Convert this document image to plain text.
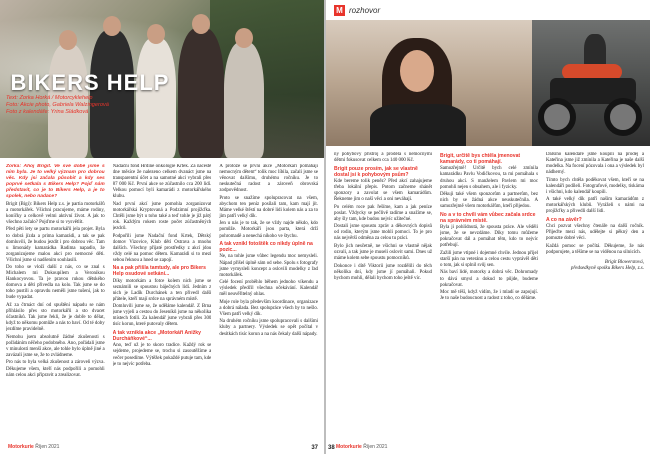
BIKERS HELP
Text: Zorka Horká / Motorcyklehelp
Foto: Akcie photo, Gabriela Walzingerová
Foto z kalendáře: Yrina Sládková

Zorka: Ahoj Brigit. Ve své době jsme s ním byla. Je to velký význam pro dobrou věc. Kdy jsi začala působit a kdy ses poprvé setkala s Bikers Help? Pojď nám představit, co je to Bikers Help, a je to spolek, nebo nadace?

Brigit (Bigi): Bikers Help z.s. je partia motorkářů a motorkářek. Všichni pracujeme, máme rodiny, koníčky a celkově velmi aktivní život. A jak to všechno začalo? Pojďme si to vysvětlit.

Před pěti lety se partu motorkářů jela projet. Byla to dobrá jízda a prima kamarádi, a tak se pak domluvili, že budou jezdit i pro dobrou věc. Tam u limonády kamarádka Radima napadlo, že zorganizujeme malou akci pro nemocné děti. Všichni jsme si nadšením souhlasili.

Do toho se vloží další z nás, co se znal s Michalem mi Dokoupilem a Veronikou Hankocyovou. Ta je pravou rukou dětského domova a děti přivedla na kolo. Tak jsme se do toho pustili a opravdu neměli jsme tušení, jak to bude vypadat.

Až za čtrnáct dní od spuštění nápadu se nám přihlásilo přes sto motorkářů a sto dvacet účastníků. Tak jsme řekli, že je dobře to dělat, když to někomu pomůže a nás to baví. Od té doby jezdíme pravidelně.

Nemohu jsem absolutně žádné zkušenosti s pořádáním něčeho podobného. Ano, pořádali jsme v minulosti menší akce, ale tohle bylo úplně jiné a zavázali jsme se, že to zvládneme.

Pro nás to byla velká zkušenost a zároveň výzva. Děkujeme všem, kteří nás podpořili a pomohli nám celou akci připravit a zrealizovat.

Nadační fond Hrdiné onkologie Krtek. Za nacestě dne měsíce že nalezeno celkem dvanáct jsme na transparentní účet a na samotné akci vybrali přes 87 000 Kč. První akce se zúčastnilo cca 200 lidí. Velkou pomocí byli kamarádi z motorkářského klubu.

Nad první akcí jsme pomohla zorganizovat motorkářská Kryptovaná a Podzimní projížďka. Chtěli jsme být u toho také a teď tohle je již pátý rok. Každým rokem roste počet zúčastněných jezdců.

Podpořili jsme Nadační fond Krtek, Dětský domov Vizovice, Klub dětí Ostrava a mnoho dalších. Všechny přijaté prostředky z akcí jdou vždy celé na pomoc dětem. Kamarádi si to mezi sebou řeknou a hned se zapojí.

Na a pak přišla tamtudy, ale pro Bikers Help osudové setkání...

Díky motorkám a fotce kolem nich jsme se seznámili se spoustou báječných lidí. Jedním z nich je Ladík Durchánek a ten přivedl další přátele, kteří mají srdce na správném místě.

Domluvili jsme se, že uděláme kalendář. Z Brna jsme vyjeli a cestou do Jeseníků jsme na několika místech fotili. Za kalendář jsme vybrali přes 300 tisíc korun, které putovaly dětem.

A tak vznikla akce „Motorkáři Anižky Durcháňkové“...

Ano, teď už je to skoro tradice. Každý rok se sejdeme, projedeme se, trochu si zasoutěžíme a večer posedíme. Výtěžek pokaždé putuje tam, kde je to nejvíc potřeba.

A protože se první akce „Motorkáři pomáhají nemocným dětem“ tolik moc líbila, začali jsme se věnovat dalšímu, druhému ročníku. Je to neskutečná radost a zároveň obrovská zodpovědnost.

Proto se snažíme spolupracovat na všem, abychom ten peníz posílali tam, kam mají jít. Máme velké štěstí na dobré lidi kolem nás a za to jim patří velký dík.

Jen u nás je to tak, že se vždy najde někdo, kdo pomůže. Motorkáři jsou parta, která drží pohromadě a nenechá nikoho ve štychu.

A tak vznikl fotoštěk co nikdy úplně na pozic...

Ne, na tohle jsme vůbec legendu moc nemysleli. Nápad přišel úplně sám od sebe. Spolu s fotografy jsme vymysleli koncept a oslovili modelky z řad motorkářek.

Celé focení proběhlo během jednoho víkendu a výsledek předčil všechna očekávání. Kalendář měl neuvěřitelný ohlas.

Moje role byla především koordinace, organizace a dobrá nálada. Bez spolupráce všech by to nešlo. Všem patří velký dík.

Na druhém ročníku jsme spolupracovali s dalšími kluby a partnery. Výsledek se opět počítal v desítkách tisíc korun a na nás čekaly další nápady.

Motorkurie Říjen 2021	37
M rozhovor

ny pohybový přístroj a prodělá s nemocnými dětmi fokusovat celkem cca 140 000 Kč.

Brigit pouze prosím, jak se vlastně dostal jsi k pohybovým psům?

Kde bereme tolik peněz? Před akcí zahajujeme třeba lokální přepis. Potom začneme shánět sponzory a zavolat se všem kamarádům. Řekneme jim o naší věci a oni neváhají.

Po celém roce pak řešíme, kam a jak peníze poslat. Vždycky se pečlivě radíme a snažíme se, aby šly tam, kde budou nejvíc užitečné.

Dostali jsme spoustu zpráv a děkovných dopisů od rodin, kterým jsme mohli pomoci. To je pro nás největší odměna za celou tu práci.

Bylo jich nesčetně, ne všichni se vlastně nějak ozvali, a tak jsme je museli oslovit sami. Dnes už máme kolem sebe spoustu pomocníků.

Dokonce i dítě Viktorii jsme rozdělili do těch několika dní, kdy jsme jí pomáhali. Pokud bychom mohli, dělali bychom toho ještě víc.

Brigit, určitě bys chtěla jmenovat kamarády, co ti pomáhají.

Samozřejmě! Určitě bych celé zmínila kamarádku Pavlu Vodičkovou, ta mi pomáhala s druhou akcí. S manželem Pavlem mi moc pomohli nejen s obsahem, ale i fyzicky.

Děkuji také všem sponzorům a partnerům, bez nich by se žádná akce neuskutečnila. A samozřejmě všem motorkářům, kteří přijedou.

No a v to chvíli vám vůbec začala srdce na správném místě.

Byla ji pohlídnutá, že spousta práce. Ale věděli jsme, že se nevzdáme. Díky tomu můžeme pokračovat dál a pomáhat těm, kdo to nejvíc potřebují.

Zažili jsme vtipné i dojemné chvíle. Jednou přijel starší pán na veteránu a celou cestu vyprávěl děti o tom, jak si splnil svůj sen.

Nás baví lidé, motorky a dobrá věc. Dohromady to dává smysl a dokud to půjde, budeme pokračovat.

Moc mě těší, když vidím, že i mladí se zapojují. Je to naše budoucnost a radost z toho, co děláme.

Dalšího kalendáře jsme koupili na prodej a Kateřina jsme již zmínila a Kateřina je naše další modelka. Na focení pózovala i ona a výsledek byl nádherný.

Tímto bych chtěla poděkovat všem, kteří se na kalendáři podíleli. Fotografové, modelky, tiskárna i všichni, kdo kalendář koupili.

A také velký dík patří našim kamarádům z motorkářských klubů. Vyráželi s námi na projížďky a přivedli další lidi.

A co na závěr?

Chci pozvat všechny čtenáře na další ročník. Přijeďte mezi nás, udělejte si pěkný den a pomozte dobré věci.

Každá pomoc se počítá. Děkujeme, že nás podporujete, a těšíme se na viděnou na silnicích.

Brigit Blowerstová,
předsedkyně spolku Bikers Help, z.s.
38 Motorkurie Říjen 2021
